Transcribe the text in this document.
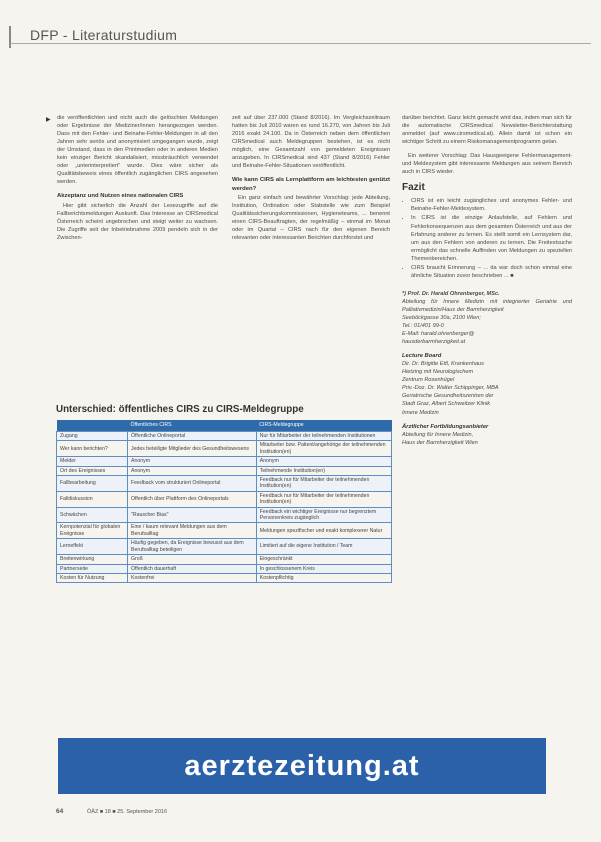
DFP - Literaturstudium
▶ die veröffentlichten und nicht auch die gelöschten Meldungen oder Ergebnisse der Mediziner/innen herangezogen werden. Dass mit den Fehler- und Beinahe-Fehler-Meldungen in all den Jahren sehr seriös und anonymisiert umgegangen wurde, zeigt der Umstand, dass in den Printmedien oder in anderen Medien kein einziger Bericht skandalisiert, missbräuchlich verwendet oder „unterinterpretiert“ wurde. Dies wäre sicher als Qualitätsbeweis eines öffentlich zugänglichen CIRS angesehen werden.

Akzeptanz und Nutzen eines nationalen CIRS

Hier gibt sicherlich die Anzahl der Lesezugriffe auf die Fallberichtsmeldungen Auskunft. Das Interesse an CIRSmedical Österreich scheint ungebrochen und steigt weiter zu wachsen. Die Zugriffe seit der Inbetriebnahme 2009 pendeln sich in der Zwischen-

zeit auf über 237.000 (Stand 8/2016). Im Vergleichszeitraum hatten bis Juli 2010 waren es rund 16.270, von Jahren bis Juli 2016 exakt 24.100. Da in Österreich neben dem öffentlichen CIRSmedical auch Meldegruppen bestehen, ist es nicht möglich, eine Gesamtzahl von gemeldeten Ereignissen anzugeben. In CIRSmedical sind 437 (Stand 8/2016) Fehler und Beinahe-Fehler-Situationen veröffentlicht.

Wie kann CIRS als Lernplattform am leichtesten genützt werden?

Ein ganz einfach und bewährter Vorschlag: jede Abteilung, Institution, Ordination oder Stabstelle wie zum Beispiel Qualitätssicherungskommissionen, Hygieneteams, ... benennt einen CIRS-Beauftragten, der regelmäßig – einmal im Monat oder im Quartal – CIRS nach für den eigenen Bereich relevanten oder interessanten Berichten durchforstet und

darüber berichtet. Ganz leicht gemacht wird das, indem man sich für die automatische CIRSmedical Newsletter-Berichterstattung anmeldet (auf www.cirsmedical.at). Allein damit ist schon ein wichtiger Schritt zu einem Risikomanagementprogramm getan.

Ein weiterer Vorschlag: Das Hausgeeigene Fehlermanagement- und Meldesystem gibt interessante Meldungen aus seinem Bereich auch in CIRS wieder.

Fazit
• CIRS ist ein leicht zugängliches und anonymes Fehler- und Beinahe-Fehler-Meldesystem.
• In CIRS ist die einzige Anlaufstelle, auf Fehlern und Fehlerkonsequenzen aus dem gesamten Österreich und aus der Erfahrung anderer zu lernen. Es stellt somit ein Lernsystem dar, um aus den Fehlern von anderen zu lernen. Die Freitextsuche ermöglicht das schnelle Auffinden von Meldungen zu speziellen Themenbereichen.
• CIRS braucht Erinnerung – ... da war doch schon einmal eine ähnliche Situation zuvor beschrieben ... ■
*) Prof. Dr. Harald Ohrenberger, MSc.
Abteilung für Innere Medizin mit integrierter Geriatrie und Palliativmedizin/Haus der Barmherzigkeit
Seeböckgasse 30a, 2100 Wien;
Tel.: 01/401 99-0
E-Mail: harald.ohrenberger@
hausderbarmherzigkeit.at
Lecture Board
Dir. Dr. Brigitte Ettl, Krankenhaus
Hietzing mit Neurologischem
Zentrum Rosenhügel
Priv.-Doz. Dr. Walter Schippinger, MBA
Geriatrische Gesundheitszentren der
Stadt Graz, Albert Schweitzer Klinik
Innere Medizin
Ärztlicher Fortbildungsanbieter
Abteilung für Innere Medizin,
Haus der Barmherzigkeit Wien
Unterschied: öffentliches CIRS zu CIRS-Meldegruppe
	Öffentliches CIRS	CIRS-Meldegruppe
Zugang	Öffentliche Onlineportal	Nur für Mitarbeiter der teilnehmenden Institutionen
Wer kann berichten?	Jedes beteiligte Mitglieder des Gesundheitswesens	Mitarbeiter bzw. Patient/angehörige der teilnehmenden Institution(en)
Melder	Anonym	Anonym
Ort des Ereignisses	Anonym	Teilnehmende Institution(en)
Fallbearbeitung	Feedback vom strukturiert Onlineportal	Feedback nur für Mitarbeiter der teilnehmenden Institution(en)
Falldiskussion	Offentlich über Plattform des Onlineportals	Feedback nur für Mitarbeiter der teilnehmenden Institution(en)
Schwächen	"Rauscher Bias"	Feedback ein wichtiger Ereignisse nur begrenztem Personenkreis zugänglich
Kernpotenzial für globalen Ereignisse	Eine / kaum relevant Meldungen aus dem Berufsalltag	Meldungen spezifischer und exakt komplexerer Natur
Lerneffekt	Häufig gegeben, da Ereignisse bewusst aus dem Berufsalltag beteiligen	Limitiert auf die eigene Institution / Team
Breitenwirkung	Groß	Eingeschränkt
Partnerseite	Offentlich dauerhaft	In geschlossenem Kreis
Kosten für Nutzung	Kostenfrei	Kostenpflichtig
aerztezeitung.at
64	ÖÄZ ■ 18 ■ 25. September 2016
